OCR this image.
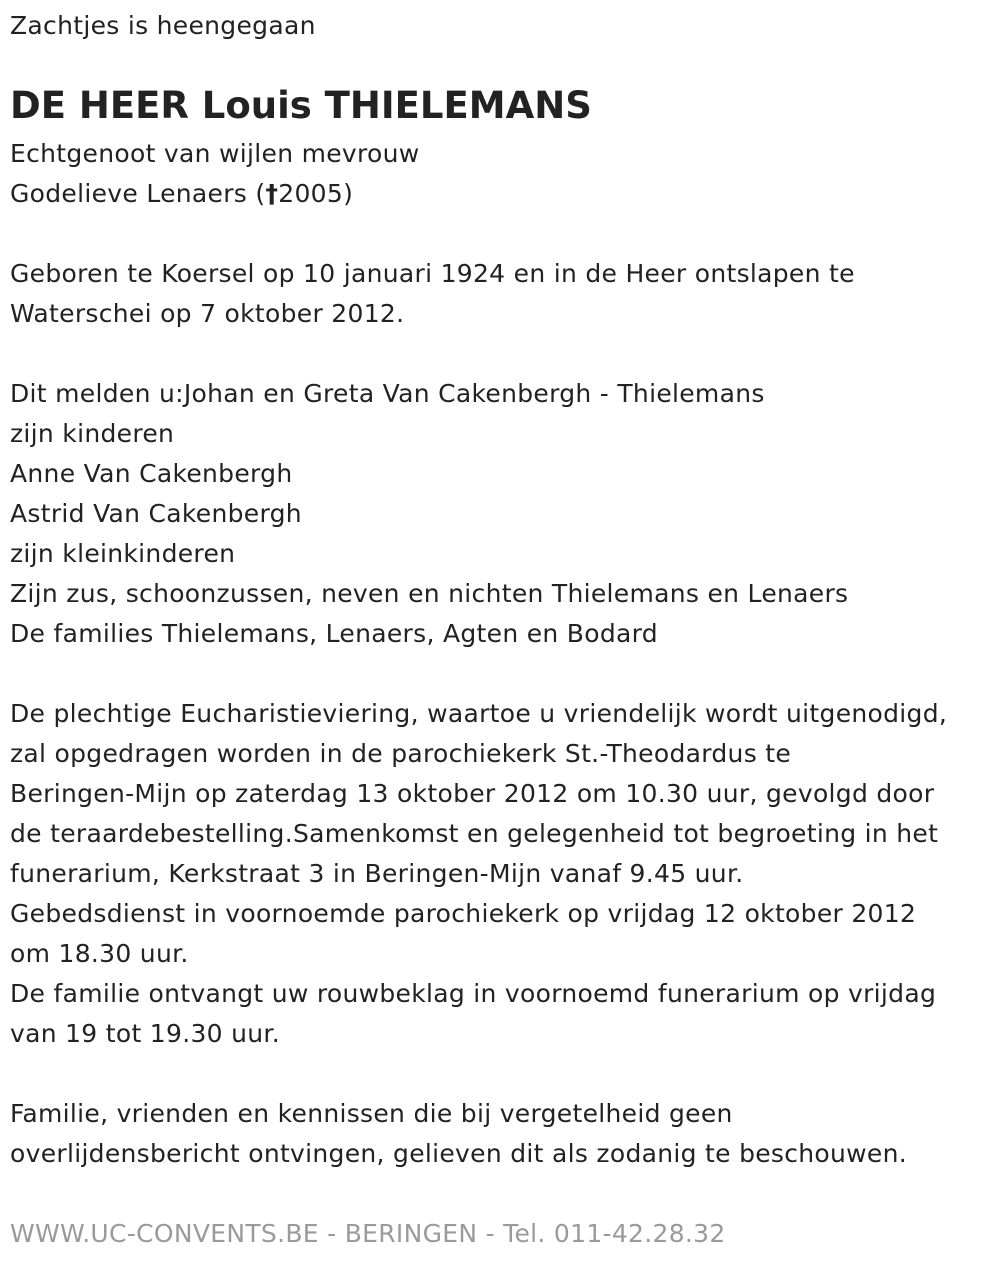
Zachtjes is heengegaan
DE HEER Louis THIELEMANS
Echtgenoot van wijlen mevrouw
Godelieve Lenaers (†2005)
Geboren te Koersel op 10 januari 1924 en in de Heer ontslapen te
Waterschei op 7 oktober 2012.
Dit melden u:Johan en Greta Van Cakenbergh - Thielemans
zijn kinderen
Anne Van Cakenbergh
Astrid Van Cakenbergh
zijn kleinkinderen
Zijn zus, schoonzussen, neven en nichten Thielemans en Lenaers
De families Thielemans, Lenaers, Agten en Bodard
De plechtige Eucharistieviering, waartoe u vriendelijk wordt uitgenodigd,
zal opgedragen worden in de parochiekerk St.-Theodardus te
Beringen-Mijn op zaterdag 13 oktober 2012 om 10.30 uur, gevolgd door
de teraardebestelling.Samenkomst en gelegenheid tot begroeting in het
funerarium, Kerkstraat 3 in Beringen-Mijn vanaf 9.45 uur.
Gebedsdienst in voornoemde parochiekerk op vrijdag 12 oktober 2012
om 18.30 uur.
De familie ontvangt uw rouwbeklag in voornoemd funerarium op vrijdag
van 19 tot 19.30 uur.
Familie, vrienden en kennissen die bij vergetelheid geen
overlijdensbericht ontvingen, gelieven dit als zodanig te beschouwen.
WWW.UC-CONVENTS.BE - BERINGEN - Tel. 011-42.28.32
